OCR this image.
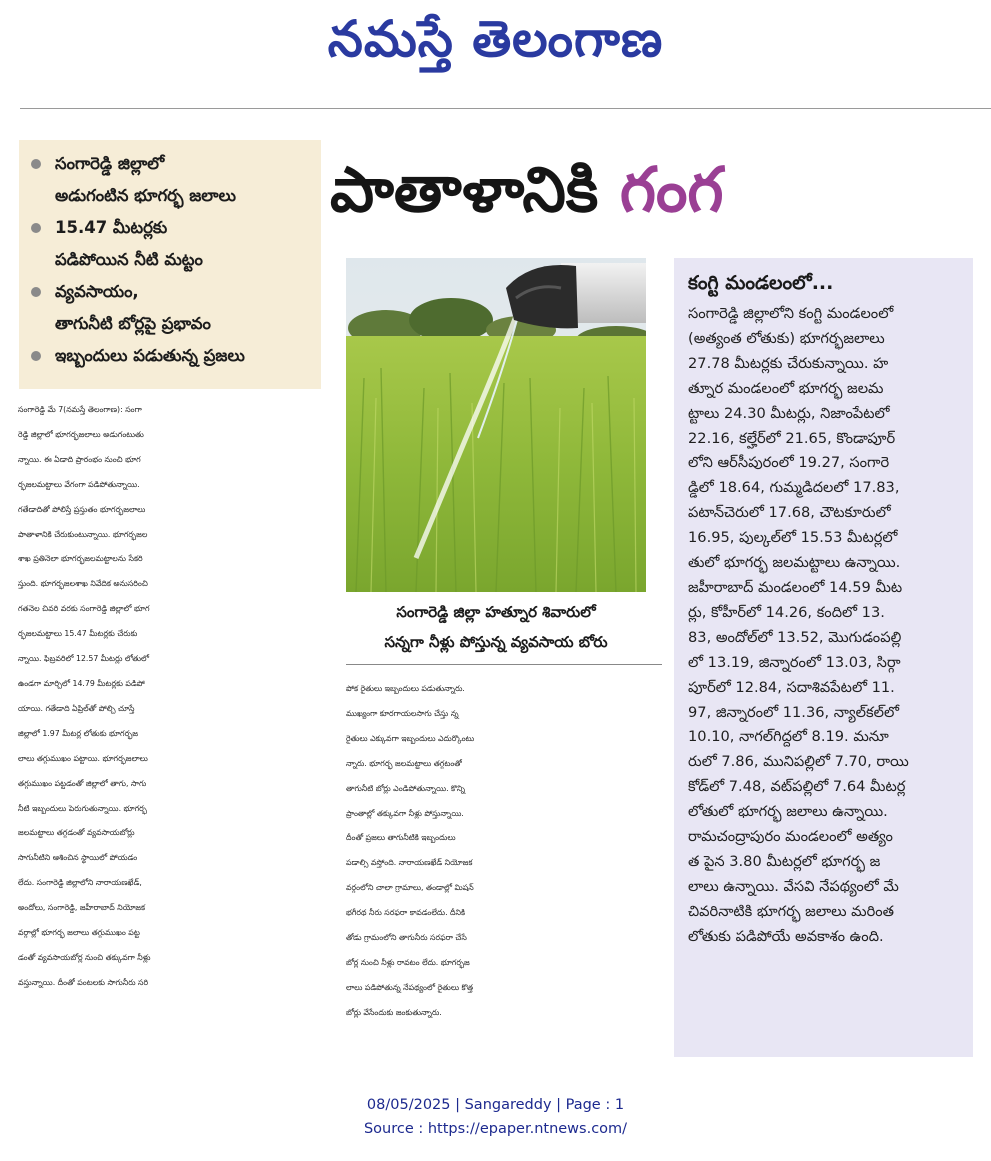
నమస్తే తెలంగాణ
సంగారెడ్డి జిల్లాలో
అడుగంటిన భూగర్భ జలాలు
15.47 మీటర్లకు
పడిపోయిన నీటి మట్టం
వ్యవసాయం,
తాగునీటి బోర్లపై ప్రభావం
ఇబ్బందులు పడుతున్న ప్రజలు
పాతాళానికి గంగ
సంగారెడ్డి జిల్లా హత్నూర శివారులో
సన్నగా నీళ్లు పోస్తున్న వ్యవసాయ బోరు
సంగారెడ్డి మే 7(నమస్తే తెలంగాణ): సంగా
రెడ్డి జిల్లాలో భూగర్భజలాలు అడుగంటుతు
న్నాయి. ఈ ఏడాది ప్రారంభం నుంచి భూగ
ర్భజలమట్టాలు వేగంగా పడిపోతున్నాయి.
గతేడాదితో పోలిస్తే ప్రస్తుతం భూగర్భజలాలు
పాతాళానికి చేరుకుంటున్నాయి. భూగర్భజల
శాఖ ప్రతినెలా భూగర్భజలమట్టాలను సేకరి
స్తుంది. భూగర్భజలశాఖ నివేదిక అనుసరించి
గతనెల చివరి వరకు సంగారెడ్డి జిల్లాలో భూగ
ర్భజలమట్టాలు 15.47 మీటర్లకు చేరుకు
న్నాయి. ఫిబ్రవరిలో 12.57 మీటర్లు లోతులో
ఉండగా మార్చిలో 14.79 మీటర్లకు పడిపో
యాయి. గతేడాది ఏప్రిల్‌తో పోల్చి చూస్తే
జిల్లాలో 1.97 మీటర్ల లోతుకు భూగర్భజ
లాలు తగ్గుముఖం పట్టాయి. భూగర్భజలాలు
తగ్గుముఖం పట్టడంతో జిల్లాలో తాగు, సాగు
నీటి ఇబ్బందులు పెరుగుతున్నాయి. భూగర్భ
జలమట్టాలు తగ్గడంతో వ్యవసాయబోర్లు
సాగునీటిని ఆశించిన స్థాయిలో పోయడం
లేదు. సంగారెడ్డి జిల్లాలోని నారాయణఖేడ్,
అందోలు, సంగారెడ్డి, జహీరాబాద్ నియోజక
వర్గాల్లో భూగర్భ జలాలు తగ్గుముఖం పట్ట
డంతో వ్యవసాయబోర్ల నుంచి తక్కువగా నీళ్లు
వస్తున్నాయి. దీంతో పంటలకు సాగునీరు సరి
పోక రైతులు ఇబ్బందులు పడుతున్నారు.
ముఖ్యంగా కూరగాయలసాగు చేస్తు న్న
రైతులు ఎక్కువగా ఇబ్బందులు ఎదుర్కొంటు
న్నారు. భూగర్భ జలమట్టాలు తగ్గటంతో
తాగునీటి బోర్లు ఎండిపోతున్నాయి. కొన్ని
ప్రాంతాల్లో తక్కువగా నీళ్లు పోస్తున్నాయి.
దీంతో ప్రజలు తాగునీటికి ఇబ్బందులు
పడాల్సి వస్తోంది. నారాయణఖేడ్ నియోజక
వర్గంలోని చాలా గ్రామాలు, తండాల్లో మిషన్
భగీరథ నీరు సరఫరా కావడంలేదు. దీనికి
తోడు గ్రామంలోని తాగునీరు సరఫరా చేసే
బోర్ల నుంచి నీళ్లు రావటం లేదు. భూగర్భజ
లాలు పడిపోతున్న నేపథ్యంలో రైతులు కొత్త
బోర్లు వేసేందుకు జంకుతున్నారు.
కంగ్టి మండలంలో...
సంగారెడ్డి జిల్లాలోని కంగ్టి మండలంలో
(అత్యంత లోతుకు) భూగర్భజలాలు
27.78 మీటర్లకు చేరుకున్నాయి. హ
త్నూర మండలంలో భూగర్భ జలమ
ట్టాలు 24.30 మీటర్లు, నిజాంపేటలో
22.16, కల్హేర్‌లో 21.65, కొండాపూర్
లోని ఆర్‌సీపురంలో 19.27, సంగారె
డ్డిలో 18.64, గుమ్మడిదలలో 17.83,
పటాన్‌చెరులో 17.68, చౌటకూరులో
16.95, పుల్కల్‌లో 15.53 మీటర్లలో
తులో భూగర్భ జలమట్టాలు ఉన్నాయి.
జహీరాబాద్ మండలంలో 14.59 మీట
ర్లు, కోహీర్‌లో 14.26, కందిలో 13.
83, అందోల్‌లో 13.52, మొగుడంపల్లి
లో 13.19, జిన్నారంలో 13.03, సిర్గా
పూర్‌లో 12.84, సదాశివపేటలో 11.
97, జిన్నారంలో 11.36, న్యాల్‌కల్‌లో
10.10, నాగల్‌గిద్దలో 8.19. మనూ
రులో 7.86, మునిపల్లిలో 7.70, రాయి
కోడ్‌లో 7.48, వట్‌పల్లిలో 7.64 మీటర్ల
లోతులో భూగర్భ జలాలు ఉన్నాయి.
రామచంద్రాపురం మండలంలో అత్యం
త పైన 3.80 మీటర్లలో భూగర్భ జ
లాలు ఉన్నాయి. వేసవి నేపథ్యంలో మే
చివరినాటికి భూగర్భ జలాలు మరింత
లోతుకు పడిపోయే అవకాశం ఉంది.
08/05/2025 | Sangareddy | Page : 1
Source : https://epaper.ntnews.com/
